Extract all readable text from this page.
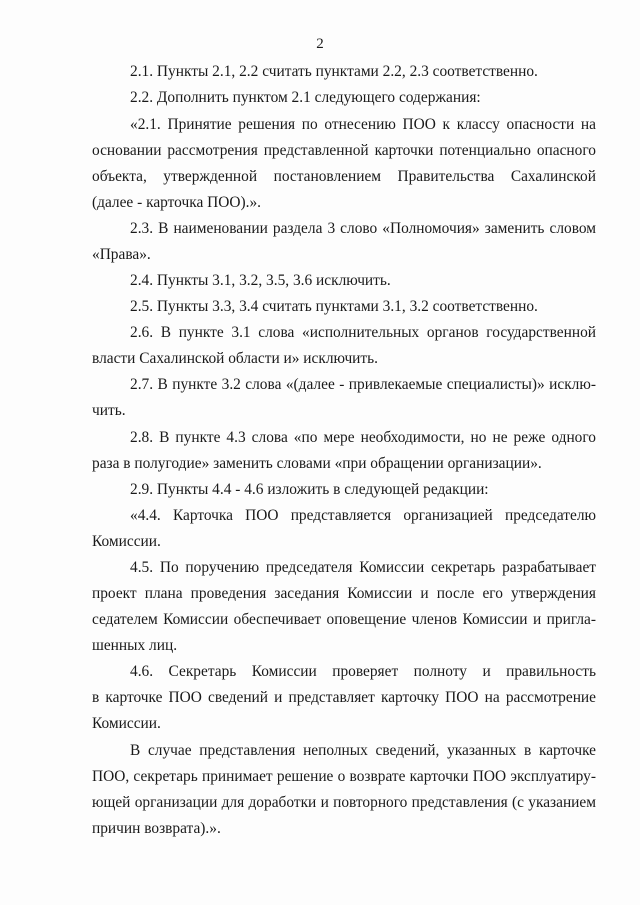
2
2.1. Пункты 2.1, 2.2 считать пунктами 2.2, 2.3 соответственно.
2.2. Дополнить пунктом 2.1 следующего содержания:
«2.1. Принятие решения по отнесению ПОО к классу опасности на
основании рассмотрения представленной карточки потенциально опасного
объекта, утвержденной постановлением Правительства Сахалинской
(далее - карточка ПОО).».
2.3. В наименовании раздела 3 слово «Полномочия» заменить словом
«Права».
2.4. Пункты 3.1, 3.2, 3.5, 3.6 исключить.
2.5. Пункты 3.3, 3.4 считать пунктами 3.1, 3.2 соответственно.
2.6. В пункте 3.1 слова «исполнительных органов государственной
власти Сахалинской области и» исключить.
2.7. В пункте 3.2 слова «(далее - привлекаемые специалисты)» исклю-
чить.
2.8. В пункте 4.3 слова «по мере необходимости, но не реже одного
раза в полугодие» заменить словами «при обращении организации».
2.9. Пункты 4.4 - 4.6 изложить в следующей редакции:
«4.4. Карточка ПОО представляется организацией председателю
Комиссии.
4.5. По поручению председателя Комиссии секретарь разрабатывает
проект плана проведения заседания Комиссии и после его утверждения
седателем Комиссии обеспечивает оповещение членов Комиссии и пригла-
шенных лиц.
4.6. Секретарь Комиссии проверяет полноту и правильность
в карточке ПОО сведений и представляет карточку ПОО на рассмотрение
Комиссии.
В случае представления неполных сведений, указанных в карточке
ПОО, секретарь принимает решение о возврате карточки ПОО эксплуатиру-
ющей организации для доработки и повторного представления (с указанием
причин возврата).».
